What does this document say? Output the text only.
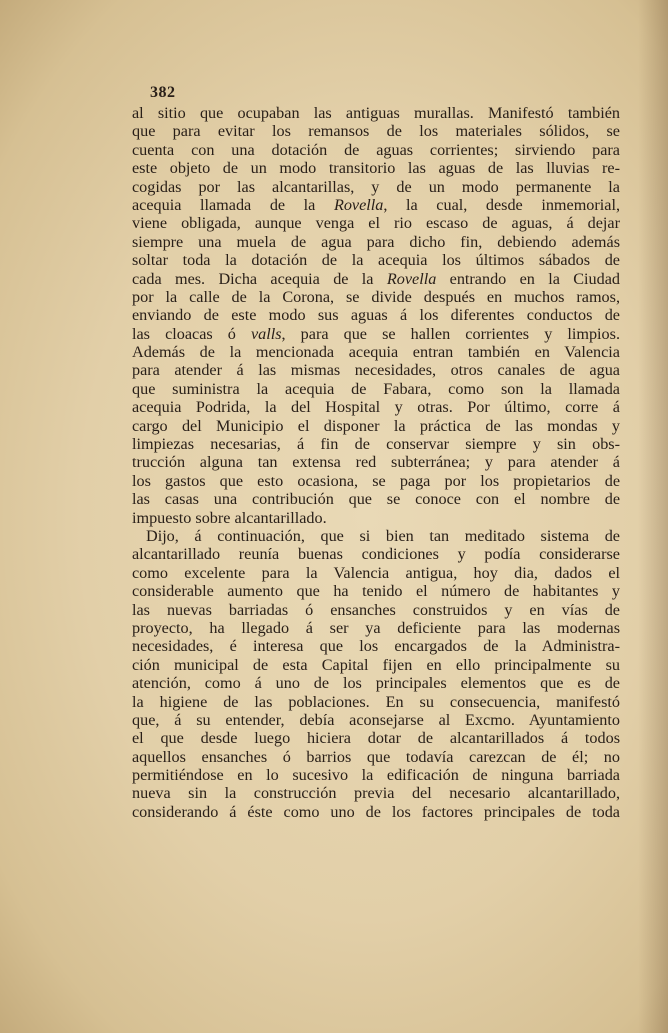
382
al sitio que ocupaban las antiguas murallas. Manifestó también
que para evitar los remansos de los materiales sólidos, se
cuenta con una dotación de aguas corrientes; sirviendo para
este objeto de un modo transitorio las aguas de las lluvias re-
cogidas por las alcantarillas, y de un modo permanente la
acequia llamada de la Rovella, la cual, desde inmemorial,
viene obligada, aunque venga el rio escaso de aguas, á dejar
siempre una muela de agua para dicho fin, debiendo además
soltar toda la dotación de la acequia los últimos sábados de
cada mes. Dicha acequia de la Rovella entrando en la Ciudad
por la calle de la Corona, se divide después en muchos ramos,
enviando de este modo sus aguas á los diferentes conductos de
las cloacas ó valls, para que se hallen corrientes y limpios.
Además de la mencionada acequia entran también en Valencia
para atender á las mismas necesidades, otros canales de agua
que suministra la acequia de Fabara, como son la llamada
acequia Podrida, la del Hospital y otras. Por último, corre á
cargo del Municipio el disponer la práctica de las mondas y
limpiezas necesarias, á fin de conservar siempre y sin obs-
trucción alguna tan extensa red subterránea; y para atender á
los gastos que esto ocasiona, se paga por los propietarios de
las casas una contribución que se conoce con el nombre de
impuesto sobre alcantarillado.
Dijo, á continuación, que si bien tan meditado sistema de
alcantarillado reunía buenas condiciones y podía considerarse
como excelente para la Valencia antigua, hoy dia, dados el
considerable aumento que ha tenido el número de habitantes y
las nuevas barriadas ó ensanches construidos y en vías de
proyecto, ha llegado á ser ya deficiente para las modernas
necesidades, é interesa que los encargados de la Administra-
ción municipal de esta Capital fijen en ello principalmente su
atención, como á uno de los principales elementos que es de
la higiene de las poblaciones. En su consecuencia, manifestó
que, á su entender, debía aconsejarse al Excmo. Ayuntamiento
el que desde luego hiciera dotar de alcantarillados á todos
aquellos ensanches ó barrios que todavía carezcan de él; no
permitiéndose en lo sucesivo la edificación de ninguna barriada
nueva sin la construcción previa del necesario alcantarillado,
considerando á éste como uno de los factores principales de toda
